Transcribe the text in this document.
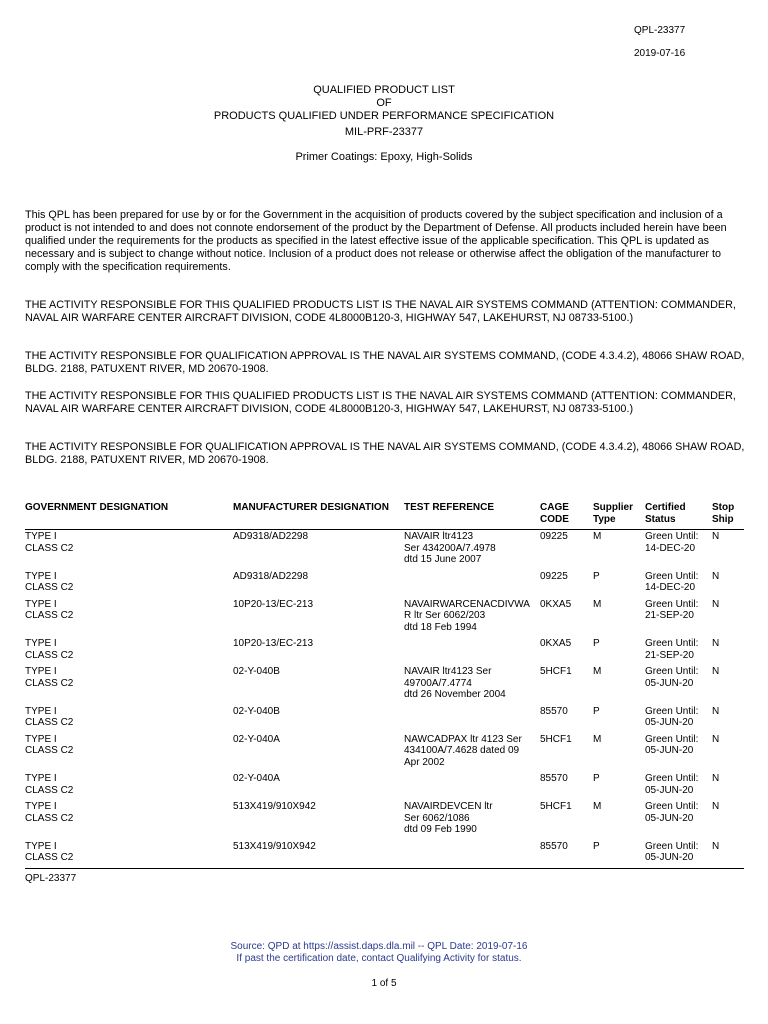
QPL-23377
2019-07-16
QUALIFIED PRODUCT LIST
OF
PRODUCTS QUALIFIED UNDER PERFORMANCE SPECIFICATION
MIL-PRF-23377
Primer Coatings: Epoxy, High-Solids

This QPL has been prepared for use by or for the Government in the acquisition of products covered by the subject specification and inclusion of a product is not intended to and does not connote endorsement of the product by the Department of Defense. All products included herein have been qualified under the requirements for the products as specified in the latest effective issue of the applicable specification. This QPL is updated as necessary and is subject to change without notice. Inclusion of a product does not release or otherwise affect the obligation of the manufacturer to comply with the specification requirements.

THE ACTIVITY RESPONSIBLE FOR THIS QUALIFIED PRODUCTS LIST IS THE NAVAL AIR SYSTEMS COMMAND (ATTENTION: COMMANDER, NAVAL AIR WARFARE CENTER AIRCRAFT DIVISION, CODE 4L8000B120-3, HIGHWAY 547, LAKEHURST, NJ 08733-5100.)

THE ACTIVITY RESPONSIBLE FOR QUALIFICATION APPROVAL IS THE NAVAL AIR SYSTEMS COMMAND, (CODE 4.3.4.2), 48066 SHAW ROAD, BLDG. 2188, PATUXENT RIVER, MD 20670-1908.

THE ACTIVITY RESPONSIBLE FOR THIS QUALIFIED PRODUCTS LIST IS THE NAVAL AIR SYSTEMS COMMAND (ATTENTION: COMMANDER, NAVAL AIR WARFARE CENTER AIRCRAFT DIVISION, CODE 4L8000B120-3, HIGHWAY 547, LAKEHURST, NJ 08733-5100.)

THE ACTIVITY RESPONSIBLE FOR QUALIFICATION APPROVAL IS THE NAVAL AIR SYSTEMS COMMAND, (CODE 4.3.4.2), 48066 SHAW ROAD, BLDG. 2188, PATUXENT RIVER, MD 20670-1908.

GOVERNMENT DESIGNATION	MANUFACTURER DESIGNATION	TEST REFERENCE	CAGE CODE	Supplier Type	Certified Status	Stop Ship
TYPE I
CLASS C2	AD9318/AD2298	NAVAIR ltr4123
Ser 434200A/7.4978
dtd 15 June 2007	09225	M	Green Until:
14-DEC-20	N
TYPE I
CLASS C2	AD9318/AD2298		09225	P	Green Until:
14-DEC-20	N
TYPE I
CLASS C2	10P20-13/EC-213	NAVAIRWARCENACDIVWA
R ltr Ser 6062/203
dtd 18 Feb 1994	0KXA5	M	Green Until:
21-SEP-20	N
TYPE I
CLASS C2	10P20-13/EC-213		0KXA5	P	Green Until:
21-SEP-20	N
TYPE I
CLASS C2	02-Y-040B	NAVAIR ltr4123 Ser
49700A/7.4774
dtd 26 November 2004	5HCF1	M	Green Until:
05-JUN-20	N
TYPE I
CLASS C2	02-Y-040B		85570	P	Green Until:
05-JUN-20	N
TYPE I
CLASS C2	02-Y-040A	NAWCADPAX ltr 4123 Ser
434100A/7.4628 dated 09
Apr 2002	5HCF1	M	Green Until:
05-JUN-20	N
TYPE I
CLASS C2	02-Y-040A		85570	P	Green Until:
05-JUN-20	N
TYPE I
CLASS C2	513X419/910X942	NAVAIRDEVCEN ltr
Ser 6062/1086
dtd 09 Feb 1990	5HCF1	M	Green Until:
05-JUN-20	N
TYPE I
CLASS C2	513X419/910X942		85570	P	Green Until:
05-JUN-20	N
QPL-23377
Source: QPD at https://assist.daps.dla.mil -- QPL Date: 2019-07-16
If past the certification date, contact Qualifying Activity for status.
1 of 5
